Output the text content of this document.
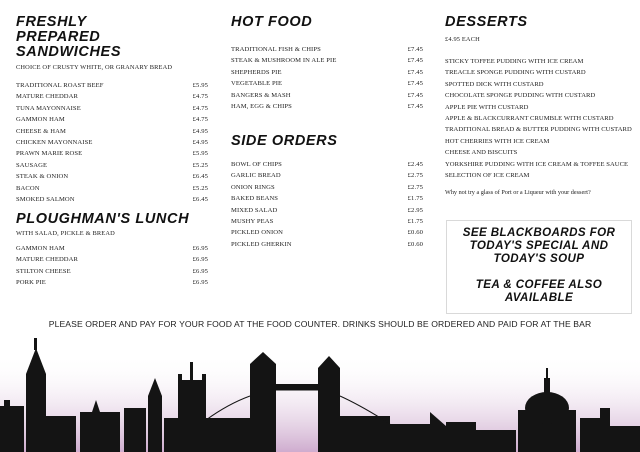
FRESHLY PREPARED SANDWICHES

CHOICE OF CRUSTY WHITE, OR GRANARY BREAD

TRADITIONAL ROAST BEEF	£5.95
MATURE CHEDDAR	£4.75
TUNA MAYONNAISE	£4.75
GAMMON HAM	£4.75
CHEESE & HAM	£4.95
CHICKEN MAYONNAISE	£4.95
PRAWN MARIE ROSE	£5.95
SAUSAGE	£5.25
STEAK & ONION	£6.45
BACON	£5.25
SMOKED SALMON	£6.45
PLOUGHMAN'S LUNCH

WITH SALAD, PICKLE & BREAD

GAMMON HAM	£6.95
MATURE CHEDDAR	£6.95
STILTON CHEESE	£6.95
PORK PIE	£6.95
HOT FOOD
TRADITIONAL FISH & CHIPS	£7.45
STEAK & MUSHROOM IN ALE PIE	£7.45
SHEPHERDS PIE	£7.45
VEGETABLE PIE	£7.45
BANGERS & MASH	£7.45
HAM, EGG & CHIPS	£7.45
SIDE ORDERS
BOWL OF CHIPS	£2.45
GARLIC BREAD	£2.75
ONION RINGS	£2.75
BAKED BEANS	£1.75
MIXED SALAD	£2.95
MUSHY PEAS	£1.75
PICKLED ONION	£0.60
PICKLED GHERKIN	£0.60
DESSERTS

£4.95 EACH

STICKY TOFFEE PUDDING WITH ICE CREAM
TREACLE SPONGE PUDDING WITH CUSTARD
SPOTTED DICK WITH CUSTARD
CHOCOLATE SPONGE PUDDING WITH CUSTARD
APPLE PIE WITH CUSTARD
APPLE & BLACKCURRANT CRUMBLE WITH CUSTARD
TRADITIONAL BREAD & BUTTER PUDDING WITH CUSTARD
HOT CHERRIES WITH ICE CREAM
CHEESE AND BISCUITS
YORKSHIRE PUDDING WITH ICE CREAM & TOFFEE SAUCE
SELECTION OF ICE CREAM

Why not try a glass of Port or a Liqueur with your dessert?

SEE BLACKBOARDS FOR

TODAY'S SPECIAL AND

TODAY'S SOUP

TEA & COFFEE ALSO

AVAILABLE

PLEASE ORDER AND PAY FOR YOUR FOOD AT THE FOOD COUNTER. DRINKS SHOULD BE ORDERED AND PAID FOR AT THE BAR
